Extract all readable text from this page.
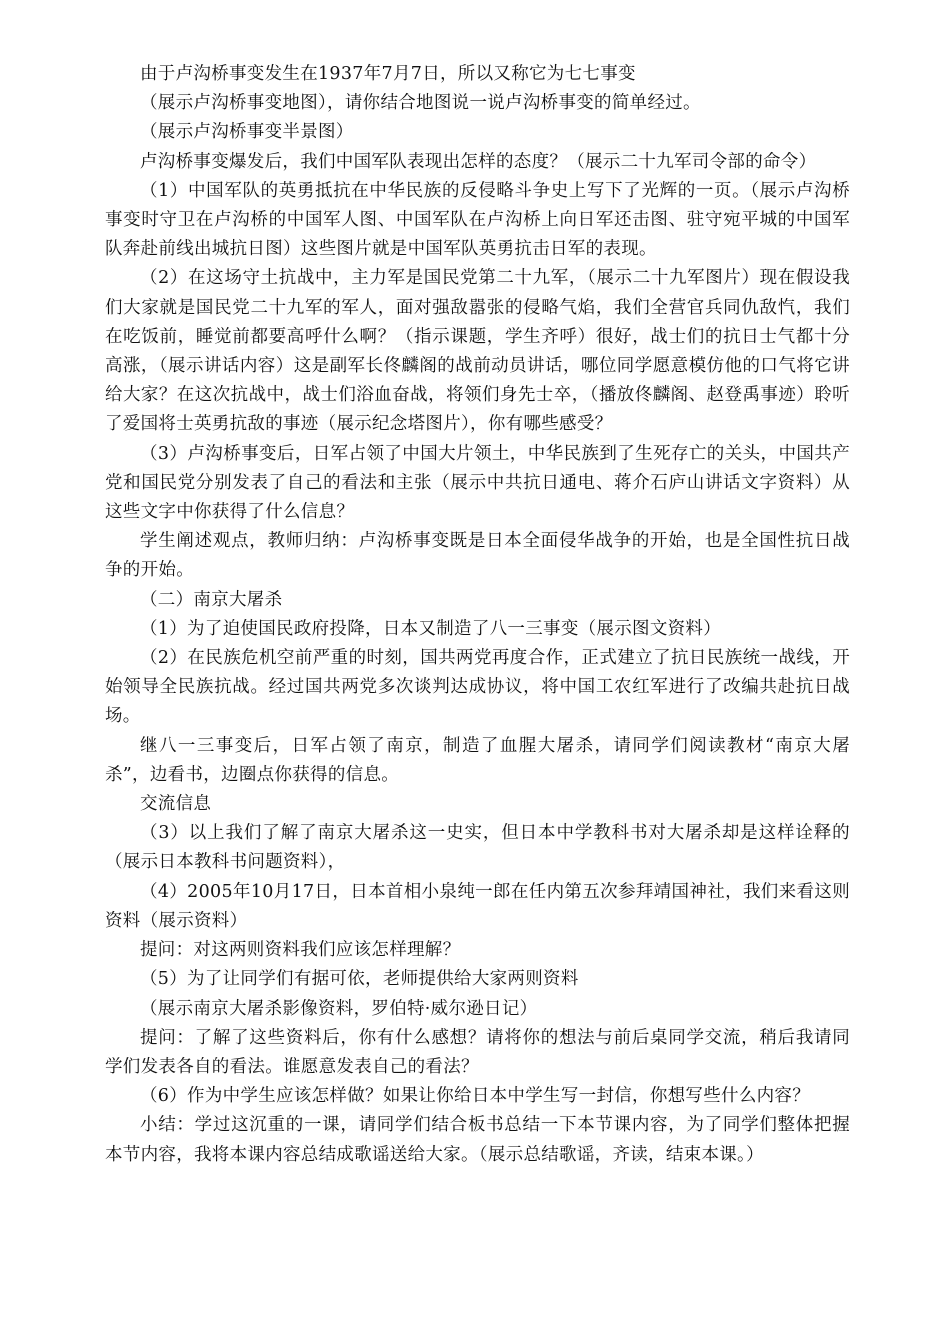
由于卢沟桥事变发生在1937年7月7日，所以又称它为七七事变

（展示卢沟桥事变地图），请你结合地图说一说卢沟桥事变的简单经过。

（展示卢沟桥事变半景图）

卢沟桥事变爆发后，我们中国军队表现出怎样的态度？（展示二十九军司令部的命令）

（1）中国军队的英勇抵抗在中华民族的反侵略斗争史上写下了光辉的一页。（展示卢沟桥事变时守卫在卢沟桥的中国军人图、中国军队在卢沟桥上向日军还击图、驻守宛平城的中国军队奔赴前线出城抗日图）这些图片就是中国军队英勇抗击日军的表现。

（2）在这场守土抗战中，主力军是国民党第二十九军，（展示二十九军图片）现在假设我们大家就是国民党二十九军的军人，面对强敌嚣张的侵略气焰，我们全营官兵同仇敌忾，我们在吃饭前，睡觉前都要高呼什么啊？（指示课题，学生齐呼）很好，战士们的抗日士气都十分高涨，（展示讲话内容）这是副军长佟麟阁的战前动员讲话，哪位同学愿意模仿他的口气将它讲给大家？在这次抗战中，战士们浴血奋战，将领们身先士卒，（播放佟麟阁、赵登禹事迹）聆听了爱国将士英勇抗敌的事迹（展示纪念塔图片），你有哪些感受？

（3）卢沟桥事变后，日军占领了中国大片领土，中华民族到了生死存亡的关头，中国共产党和国民党分别发表了自己的看法和主张（展示中共抗日通电、蒋介石庐山讲话文字资料）从这些文字中你获得了什么信息？

学生阐述观点，教师归纳：卢沟桥事变既是日本全面侵华战争的开始，也是全国性抗日战争的开始。

（二）南京大屠杀

（1）为了迫使国民政府投降，日本又制造了八一三事变（展示图文资料）

（2）在民族危机空前严重的时刻，国共两党再度合作，正式建立了抗日民族统一战线，开始领导全民族抗战。经过国共两党多次谈判达成协议，将中国工农红军进行了改编共赴抗日战场。

继八一三事变后，日军占领了南京，制造了血腥大屠杀，请同学们阅读教材“南京大屠杀”，边看书，边圈点你获得的信息。

交流信息

（3）以上我们了解了南京大屠杀这一史实，但日本中学教科书对大屠杀却是这样诠释的（展示日本教科书问题资料），

（4）2005年10月17日，日本首相小泉纯一郎在任内第五次参拜靖国神社，我们来看这则资料（展示资料）

提问：对这两则资料我们应该怎样理解？

（5）为了让同学们有据可依，老师提供给大家两则资料

（展示南京大屠杀影像资料，罗伯特·威尔逊日记）

提问：了解了这些资料后，你有什么感想？请将你的想法与前后桌同学交流，稍后我请同学们发表各自的看法。谁愿意发表自己的看法？

（6）作为中学生应该怎样做？如果让你给日本中学生写一封信，你想写些什么内容？

小结：学过这沉重的一课，请同学们结合板书总结一下本节课内容，为了同学们整体把握本节内容，我将本课内容总结成歌谣送给大家。（展示总结歌谣，齐读，结束本课。）
